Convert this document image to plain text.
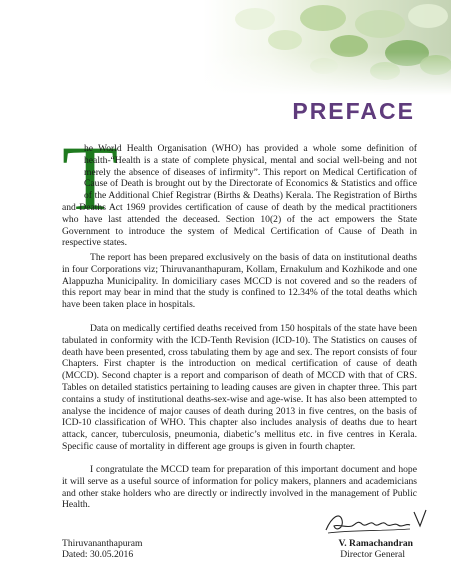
PREFACE
T
he World Health Organisation (WHO) has provided a whole some definition of health-“Health is a state of complete physical, mental and social well-being and not merely the absence of diseases of infirmity”. This report on Medical Certification of Cause of Death is brought out by the Directorate of Economics & Statistics and office of the Additional Chief Registrar (Births & Deaths) Kerala. The Registration of Births and Deaths Act 1969 provides certification of cause of death by the medical practitioners who have last attended the deceased. Section 10(2) of the act empowers the State Government to introduce the system of Medical Certification of Cause of Death in respective states.
The report has been prepared exclusively on the basis of data on institutional deaths in four Corporations viz; Thiruvananthapuram, Kollam, Ernakulum and Kozhikode and one Alappuzha Municipality. In domiciliary cases MCCD is not covered and so the readers of this report may bear in mind that the study is confined to 12.34% of the total deaths which have been taken place in hospitals.
Data on medically certified deaths received from 150 hospitals of the state have been tabulated in conformity with the ICD-Tenth Revision (ICD-10). The Statistics on causes of death have been presented, cross tabulating them by age and sex. The report consists of four Chapters. First chapter is the introduction on medical certification of cause of death (MCCD). Second chapter is a report and comparison of death of MCCD with that of CRS. Tables on detailed statistics pertaining to leading causes are given in chapter three. This part contains a study of institutional deaths-sex-wise and age-wise. It has also been attempted to analyse the incidence of major causes of death during 2013 in five centres, on the basis of ICD-10 classification of WHO. This chapter also includes analysis of deaths due to heart attack, cancer, tuberculosis, pneumonia, diabetic’s mellitus etc. in five centres in Kerala. Specific cause of mortality in different age groups is given in fourth chapter.
I congratulate the MCCD team for preparation of this important document and hope it will serve as a useful source of information for policy makers, planners and academicians and other stake holders who are directly or indirectly involved in the management of Public Health.
Thiruvananthapuram
Dated: 30.05.2016
V. Ramachandran
Director General
